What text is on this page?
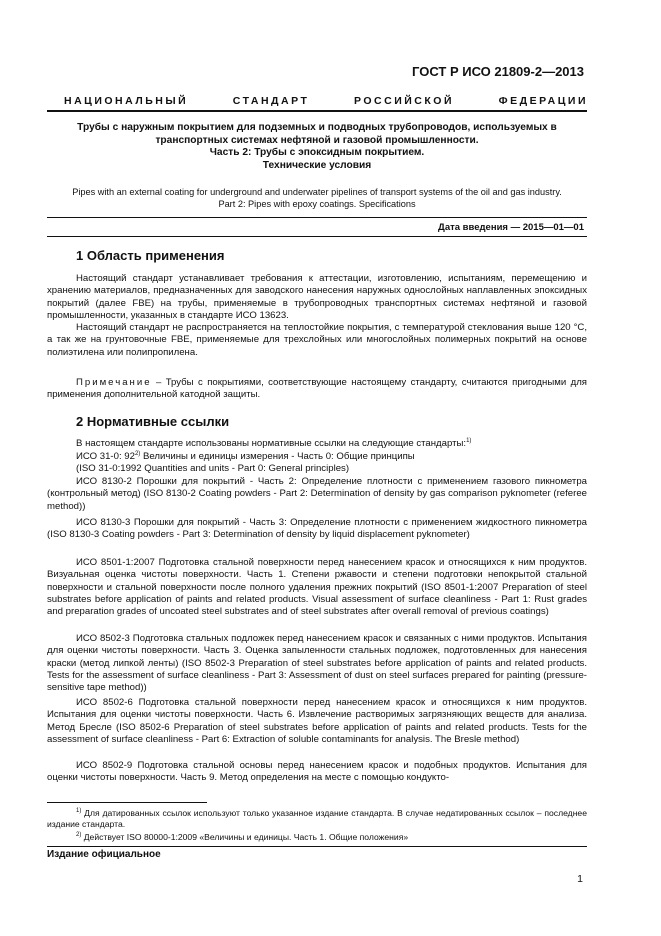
ГОСТ Р ИСО 21809-2—2013
НАЦИОНАЛЬНЫЙ СТАНДАРТ РОССИЙСКОЙ ФЕДЕРАЦИИ
Трубы с наружным покрытием для подземных и подводных трубопроводов, используемых в
транспортных системах нефтяной и газовой промышленности.
Часть 2: Трубы с эпоксидным покрытием.
Технические условия
Pipes with an external coating for underground and underwater pipelines of transport systems of the oil and gas industry.
Part 2: Pipes with epoxy coatings. Specifications
Дата введения — 2015—01—01
1 Область применения

Настоящий стандарт устанавливает требования к аттестации, изготовлению, испытаниям, перемещению и хранению материалов, предназначенных для заводского нанесения наружных однослойных наплавленных эпоксидных покрытий (далее FBE) на трубы, применяемые в трубопроводных транспортных системах нефтяной и газовой промышленности, указанных в стандарте ИСО 13623.

Настоящий стандарт не распространяется на теплостойкие покрытия, с температурой стеклования выше 120 °С, а так же на грунтовочные FBE, применяемые для трехслойных или многослойных полимерных покрытий на основе полиэтилена или полипропилена.

Примечание – Трубы с покрытиями, соответствующие настоящему стандарту, считаются пригодными для применения дополнительной катодной защиты.

2 Нормативные ссылки

В настоящем стандарте использованы нормативные ссылки на следующие стандарты:$^{1)}$

ИСО 31-0: 92$^{2)}$ Величины и единицы измерения - Часть 0: Общие принципы

(ISO 31-0:1992 Quantities and units - Part 0: General principles)

ИСО 8130-2 Порошки для покрытий - Часть 2: Определение плотности с применением газового пикнометра (контрольный метод) (ISO 8130-2 Coating powders - Part 2: Determination of density by gas comparison pyknometer (referee method))

ИСО 8130-3 Порошки для покрытий - Часть 3: Определение плотности с применением жидкостного пикнометра (ISO 8130-3 Coating powders - Part 3: Determination of density by liquid displacement pyknometer)

ИСО 8501-1:2007 Подготовка стальной поверхности перед нанесением красок и относящихся к ним продуктов. Визуальная оценка чистоты поверхности. Часть 1. Степени ржавости и степени подготовки непокрытой стальной поверхности и стальной поверхности после полного удаления прежних покрытий (ISO 8501-1:2007 Preparation of steel substrates before application of paints and related products. Visual assessment of surface cleanliness - Part 1: Rust grades and preparation grades of uncoated steel substrates and of steel substrates after overall removal of previous coatings)

ИСО 8502-3 Подготовка стальных подложек перед нанесением красок и связанных с ними продуктов. Испытания для оценки чистоты поверхности. Часть 3. Оценка запыленности стальных подложек, подготовленных для нанесения краски (метод липкой ленты) (ISO 8502-3 Preparation of steel substrates before application of paints and related products. Tests for the assessment of surface cleanliness - Part 3: Assessment of dust on steel surfaces prepared for painting (pressure-sensitive tape method))

ИСО 8502-6 Подготовка стальной поверхности перед нанесением красок и относящихся к ним продуктов. Испытания для оценки чистоты поверхности. Часть 6. Извлечение растворимых загрязняющих веществ для анализа. Метод Бресле (ISO 8502-6 Preparation of steel substrates before application of paints and related products. Tests for the assessment of surface cleanliness - Part 6: Extraction of soluble contaminants for analysis. The Bresle method)

ИСО 8502-9 Подготовка стальной основы перед нанесением красок и подобных продуктов. Испытания для оценки чистоты поверхности. Часть 9. Метод определения на месте с помощью кондукто-

$^{1)}$ Для датированных ссылок используют только указанное издание стандарта. В случае недатированных ссылок – последнее издание стандарта.

$^{2)}$ Действует ISO 80000-1:2009 «Величины и единицы. Часть 1. Общие положения»

Издание официальное
1
